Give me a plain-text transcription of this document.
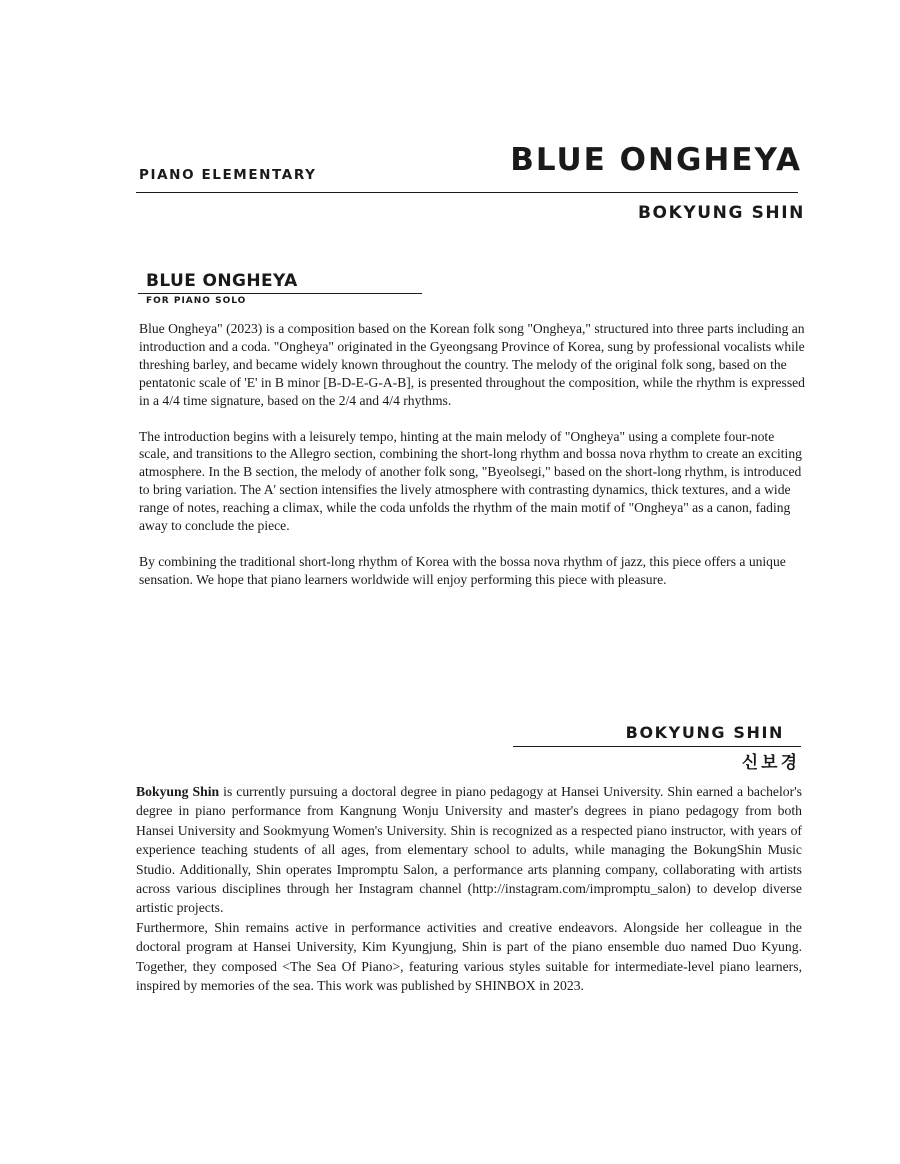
PIANO ELEMENTARY	BLUE ONGHEYA
BOKYUNG SHIN
BLUE ONGHEYA
FOR PIANO SOLO

Blue Ongheya" (2023) is a composition based on the Korean folk song "Ongheya," structured into three parts including an introduction and a coda. "Ongheya" originated in the Gyeongsang Province of Korea, sung by professional vocalists while threshing barley, and became widely known throughout the country. The melody of the original folk song, based on the pentatonic scale of 'E' in B minor [B-D-E-G-A-B], is presented throughout the composition, while the rhythm is expressed in a 4/4 time signature, based on the 2/4 and 4/4 rhythms.

The introduction begins with a leisurely tempo, hinting at the main melody of "Ongheya" using a complete four-note scale, and transitions to the Allegro section, combining the short-long rhythm and bossa nova rhythm to create an exciting atmosphere. In the B section, the melody of another folk song, "Byeolsegi," based on the short-long rhythm, is introduced to bring variation. The A' section intensifies the lively atmosphere with contrasting dynamics, thick textures, and a wide range of notes, reaching a climax, while the coda unfolds the rhythm of the main motif of "Ongheya" as a canon, fading away to conclude the piece.

By combining the traditional short-long rhythm of Korea with the bossa nova rhythm of jazz, this piece offers a unique sensation. We hope that piano learners worldwide will enjoy performing this piece with pleasure.

BOKYUNG SHIN
신보경

Bokyung Shin is currently pursuing a doctoral degree in piano pedagogy at Hansei University. Shin earned a bachelor's degree in piano performance from Kangnung Wonju University and master's degrees in piano pedagogy from both Hansei University and Sookmyung Women's University. Shin is recognized as a respected piano instructor, with years of experience teaching students of all ages, from elementary school to adults, while managing the BokungShin Music Studio. Additionally, Shin operates Impromptu Salon, a performance arts planning company, collaborating with artists across various disciplines through her Instagram channel (http://instagram.com/impromptu_salon) to develop diverse artistic projects.

Furthermore, Shin remains active in performance activities and creative endeavors. Alongside her colleague in the doctoral program at Hansei University, Kim Kyungjung, Shin is part of the piano ensemble duo named Duo Kyung. Together, they composed <The Sea Of Piano>, featuring various styles suitable for intermediate-level piano learners, inspired by memories of the sea. This work was published by SHINBOX in 2023.
